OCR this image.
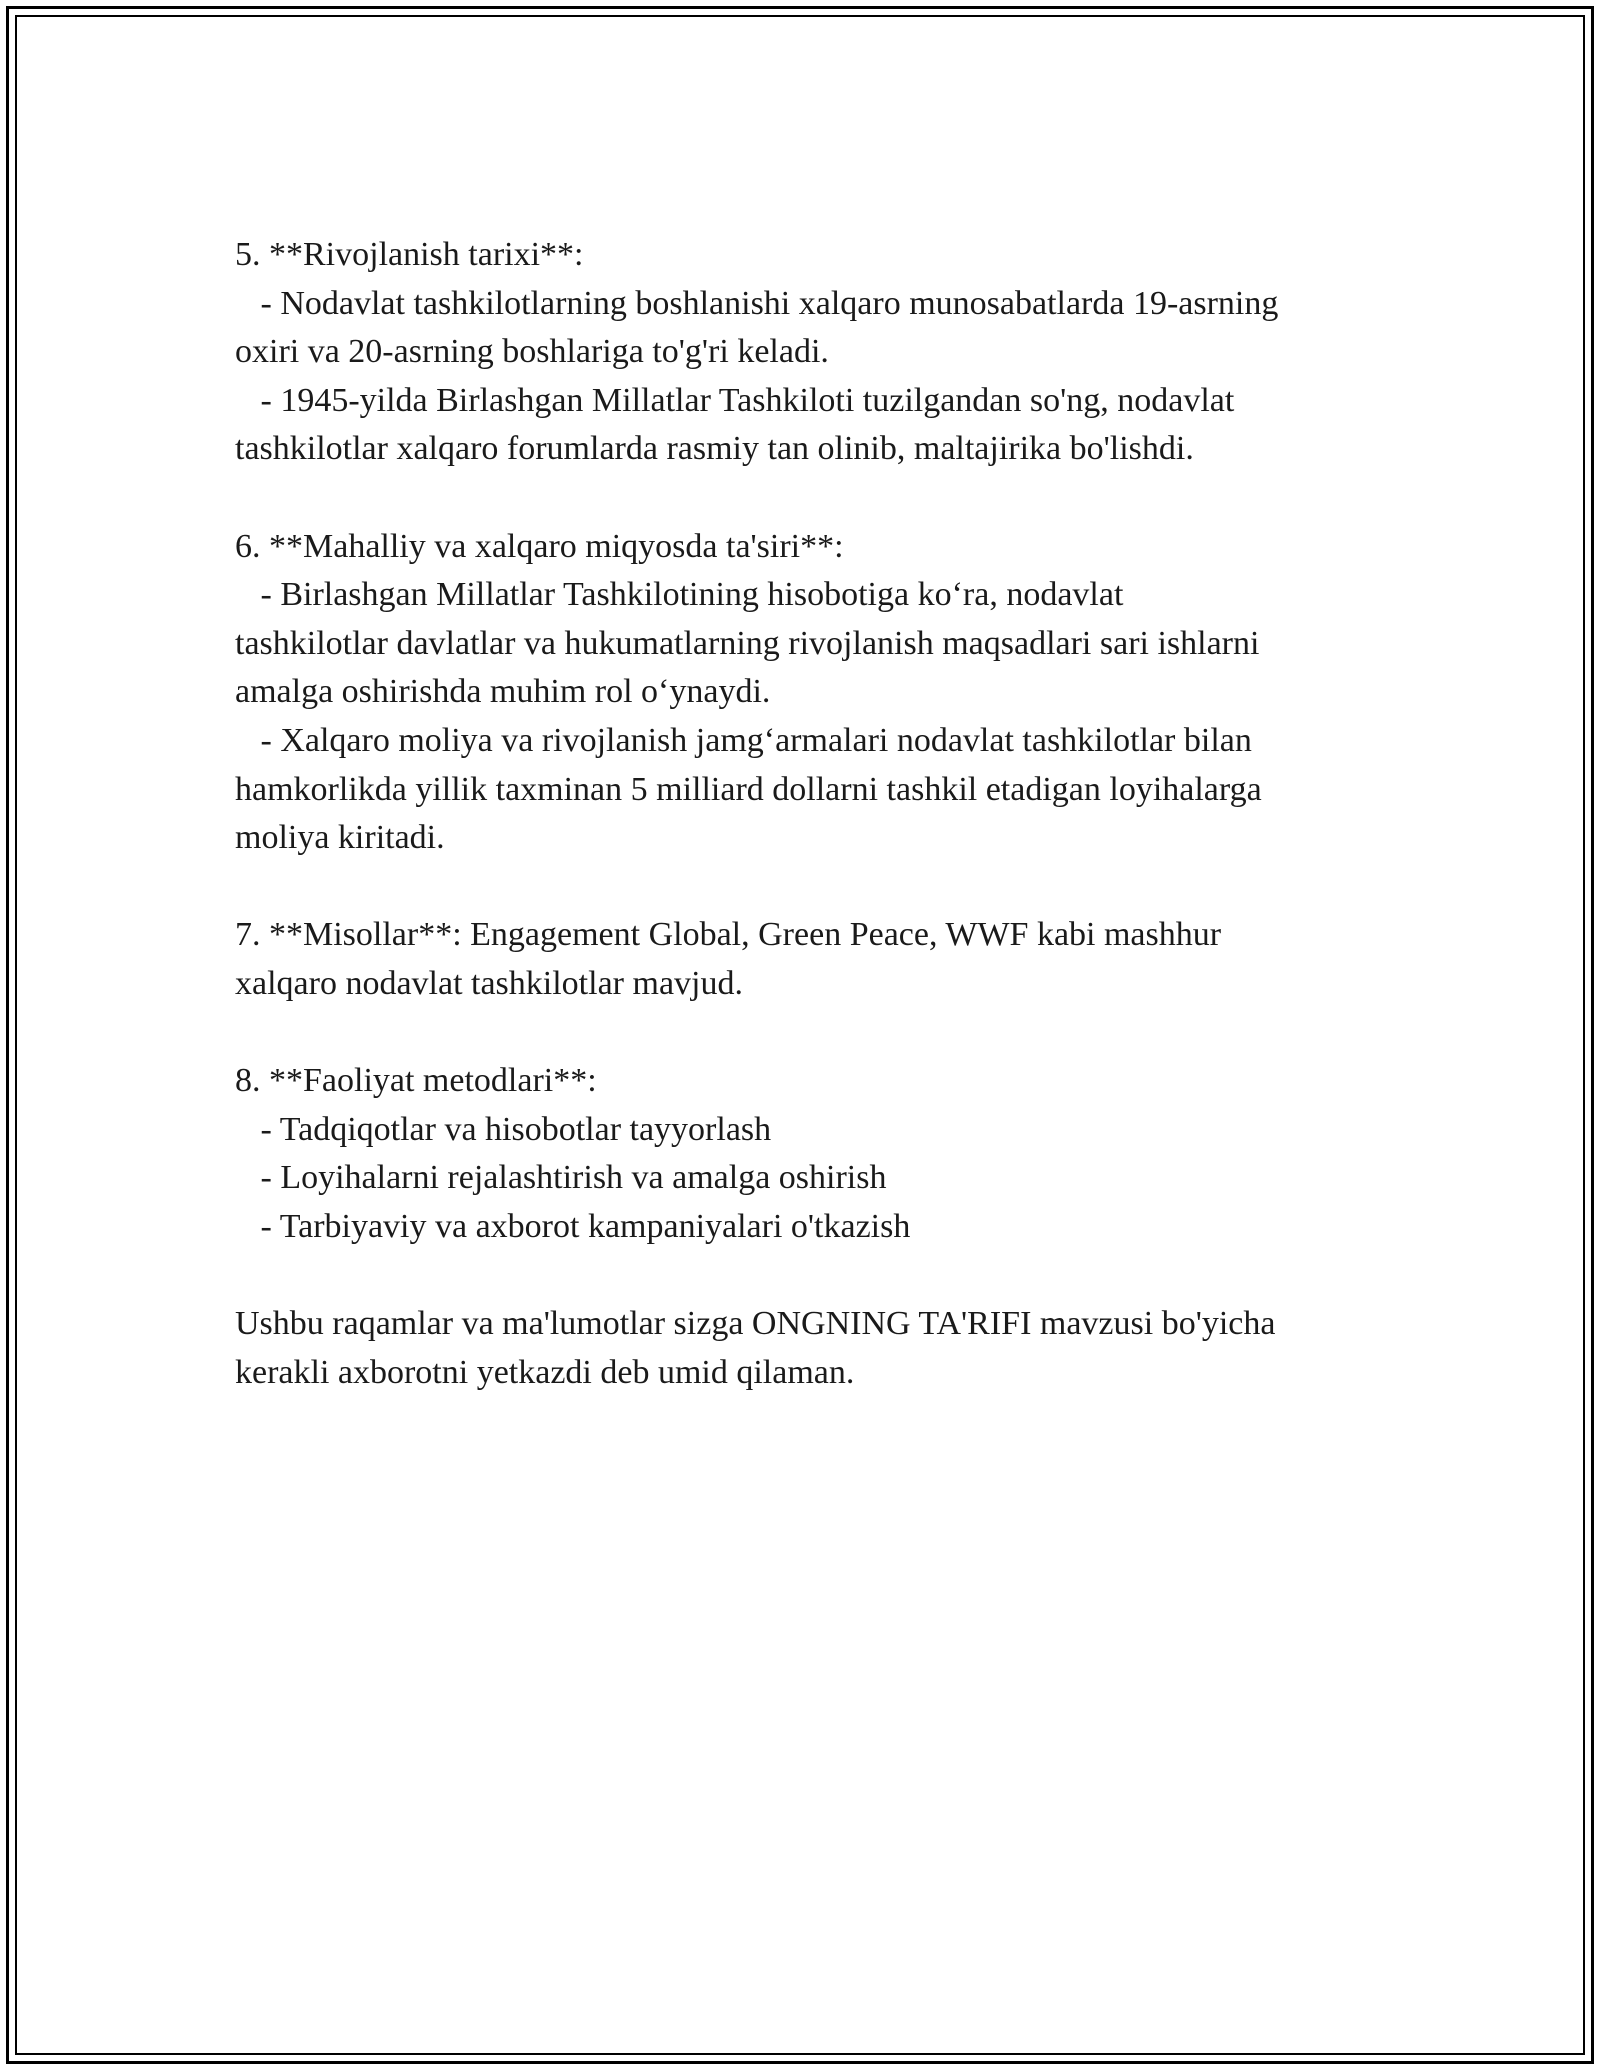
5. **Rivojlanish tarixi**:
- Nodavlat tashkilotlarning boshlanishi xalqaro munosabatlarda 19-asrning
oxiri va 20-asrning boshlariga to'g'ri keladi.
- 1945-yilda Birlashgan Millatlar Tashkiloti tuzilgandan so'ng, nodavlat
tashkilotlar xalqaro forumlarda rasmiy tan olinib, maltajirika bo'lishdi.
6. **Mahalliy va xalqaro miqyosda ta'siri**:
- Birlashgan Millatlar Tashkilotining hisobotiga ko‘ra, nodavlat
tashkilotlar davlatlar va hukumatlarning rivojlanish maqsadlari sari ishlarni
amalga oshirishda muhim rol o‘ynaydi.
- Xalqaro moliya va rivojlanish jamg‘armalari nodavlat tashkilotlar bilan
hamkorlikda yillik taxminan 5 milliard dollarni tashkil etadigan loyihalarga
moliya kiritadi.
7. **Misollar**: Engagement Global, Green Peace, WWF kabi mashhur
xalqaro nodavlat tashkilotlar mavjud.
8. **Faoliyat metodlari**:
- Tadqiqotlar va hisobotlar tayyorlash
- Loyihalarni rejalashtirish va amalga oshirish
- Tarbiyaviy va axborot kampaniyalari o'tkazish
Ushbu raqamlar va ma'lumotlar sizga ONGNING TA'RIFI mavzusi bo'yicha
kerakli axborotni yetkazdi deb umid qilaman.
